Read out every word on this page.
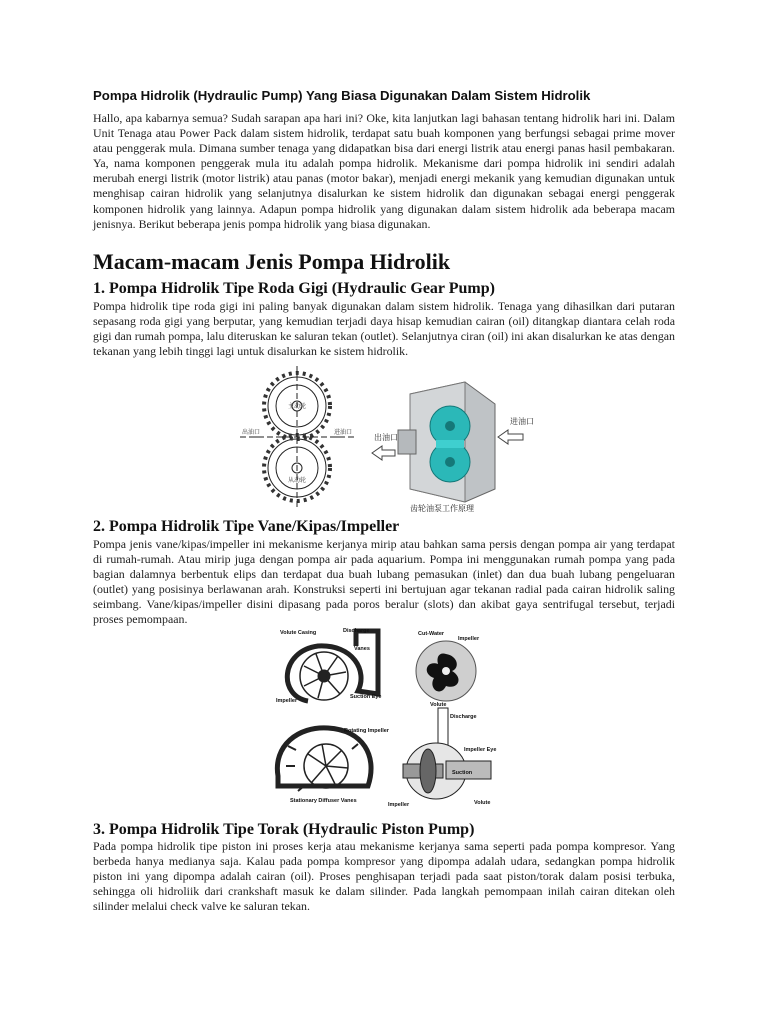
Pompa Hidrolik (Hydraulic Pump) Yang Biasa Digunakan Dalam Sistem Hidrolik

Hallo, apa kabarnya semua? Sudah sarapan apa hari ini? Oke, kita lanjutkan lagi bahasan tentang hidrolik hari ini. Dalam Unit Tenaga atau Power Pack dalam sistem hidrolik, terdapat satu buah komponen yang berfungsi sebagai prime mover atau penggerak mula. Dimana sumber tenaga yang didapatkan bisa dari energi listrik atau energi panas hasil pembakaran. Ya, nama komponen penggerak mula itu adalah pompa hidrolik. Mekanisme dari pompa hidrolik ini sendiri adalah merubah energi listrik (motor listrik) atau panas (motor bakar), menjadi energi mekanik yang kemudian digunakan untuk menghisap cairan hidrolik yang selanjutnya disalurkan ke sistem hidrolik dan digunakan sebagai energi penggerak komponen hidrolik yang lainnya. Adapun pompa hidrolik yang digunakan dalam sistem hidrolik ada beberapa macam jenisnya. Berikut beberapa jenis pompa hidrolik yang biasa digunakan.

Macam-macam Jenis Pompa Hidrolik
1. Pompa Hidrolik Tipe Roda Gigi (Hydraulic Gear Pump)

Pompa hidrolik tipe roda gigi ini paling banyak digunakan dalam sistem hidrolik. Tenaga yang dihasilkan dari putaran sepasang roda gigi yang berputar, yang kemudian terjadi daya hisap kemudian cairan (oil) ditangkap diantara celah roda gigi dan rumah pompa, lalu diteruskan ke saluran tekan (outlet). Selanjutnya ciran (oil) ini akan disalurkan ke atas dengan tekanan yang lebih tinggi lagi untuk disalurkan ke sistem hidrolik.

主动轮
从动轮
出油口	进油口	出油口
进油口
齿轮油泵工作原理
2. Pompa Hidrolik Tipe Vane/Kipas/Impeller

Pompa jenis vane/kipas/impeller ini mekanisme kerjanya mirip atau bahkan sama persis dengan pompa air yang terdapat di rumah-rumah. Atau mirip juga dengan pompa air pada aquarium. Pompa ini menggunakan rumah pompa yang pada bagian dalamnya berbentuk elips dan terdapat dua buah lubang pemasukan (inlet) dan dua buah lubang pengeluaran (outlet) yang posisinya berlawanan arah. Konstruksi seperti ini bertujuan agar tekanan radial pada cairan hidrolik saling seimbang. Vane/kipas/impeller disini dipasang pada poros beralur (slots) dan akibat gaya sentrifugal tersebut, terjadi proses pemompaan.

Volute Casing	Discharge
Vanes
Suction Eye
Impeller
Cut-Water
Impeller
Volute
Rotating Impeller
Stationary Diffuser Vanes
Discharge
Impeller Eye
Suction
Impeller	Volute
3. Pompa Hidrolik Tipe Torak (Hydraulic Piston Pump)

Pada pompa hidrolik tipe piston ini proses kerja atau mekanisme kerjanya sama seperti pada pompa kompresor. Yang berbeda hanya medianya saja. Kalau pada pompa kompresor yang dipompa adalah udara, sedangkan pompa hidrolik piston ini yang dipompa adalah cairan (oil). Proses penghisapan terjadi pada saat piston/torak dalam posisi terbuka, sehingga oli hidroliik dari crankshaft masuk ke dalam silinder. Pada langkah pemompaan inilah cairan ditekan oleh silinder melalui check valve ke saluran tekan.
